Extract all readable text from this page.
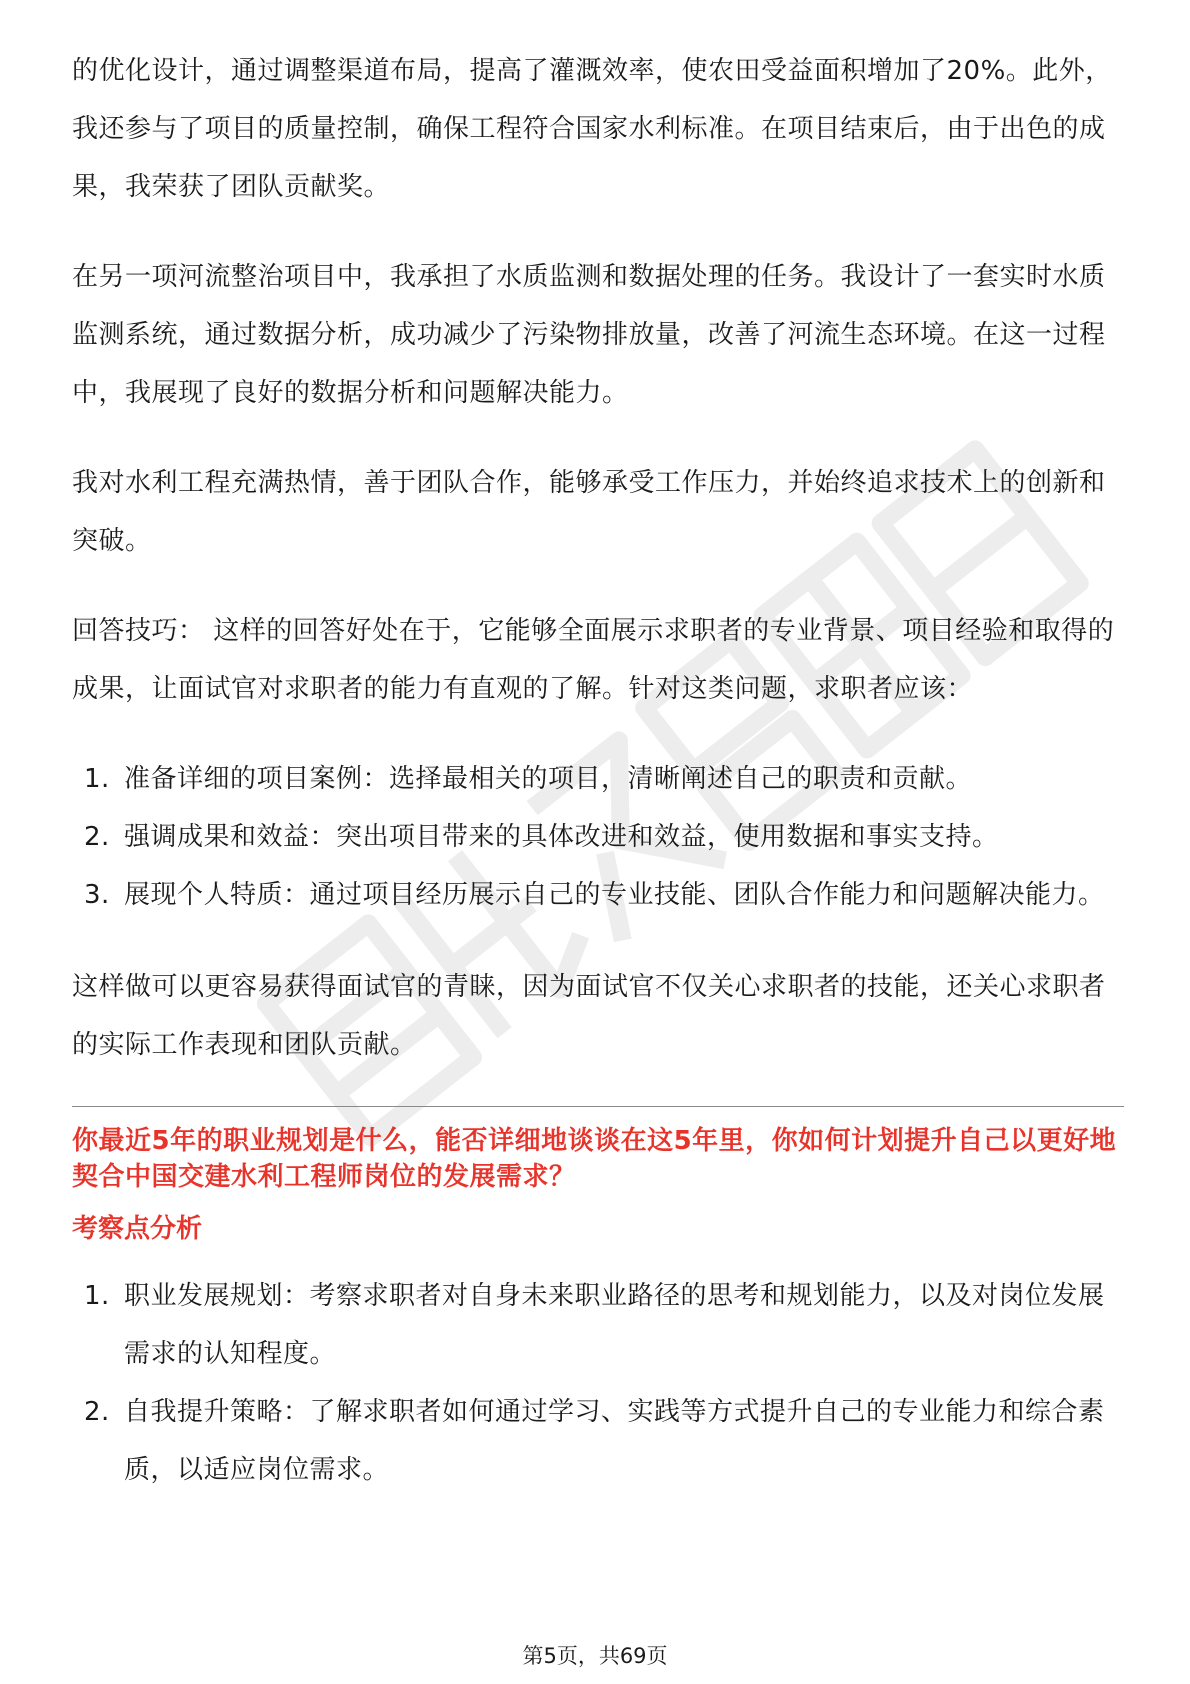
的优化设计，通过调整渠道布局，提高了灌溉效率，使农田受益面积增加了20%。此外，我还参与了项目的质量控制，确保工程符合国家水利标准。在项目结束后，由于出色的成果，我荣获了团队贡献奖。

在另一项河流整治项目中，我承担了水质监测和数据处理的任务。我设计了一套实时水质监测系统，通过数据分析，成功减少了污染物排放量，改善了河流生态环境。在这一过程中，我展现了良好的数据分析和问题解决能力。

我对水利工程充满热情，善于团队合作，能够承受工作压力，并始终追求技术上的创新和突破。

回答技巧： 这样的回答好处在于，它能够全面展示求职者的专业背景、项目经验和取得的成果，让面试官对求职者的能力有直观的了解。针对这类问题，求职者应该：

1. 准备详细的项目案例：选择最相关的项目，清晰阐述自己的职责和贡献。
2. 强调成果和效益：突出项目带来的具体改进和效益，使用数据和事实支持。
3. 展现个人特质：通过项目经历展示自己的专业技能、团队合作能力和问题解决能力。

这样做可以更容易获得面试官的青睐，因为面试官不仅关心求职者的技能，还关心求职者的实际工作表现和团队贡献。

你最近5年的职业规划是什么，能否详细地谈谈在这5年里，你如何计划提升自己以更好地契合中国交建水利工程师岗位的发展需求？

考察点分析
1. 职业发展规划：考察求职者对自身未来职业路径的思考和规划能力，以及对岗位发展需求的认知程度。
2. 自我提升策略：了解求职者如何通过学习、实践等方式提升自己的专业能力和综合素质，以适应岗位需求。
第5页，共69页
